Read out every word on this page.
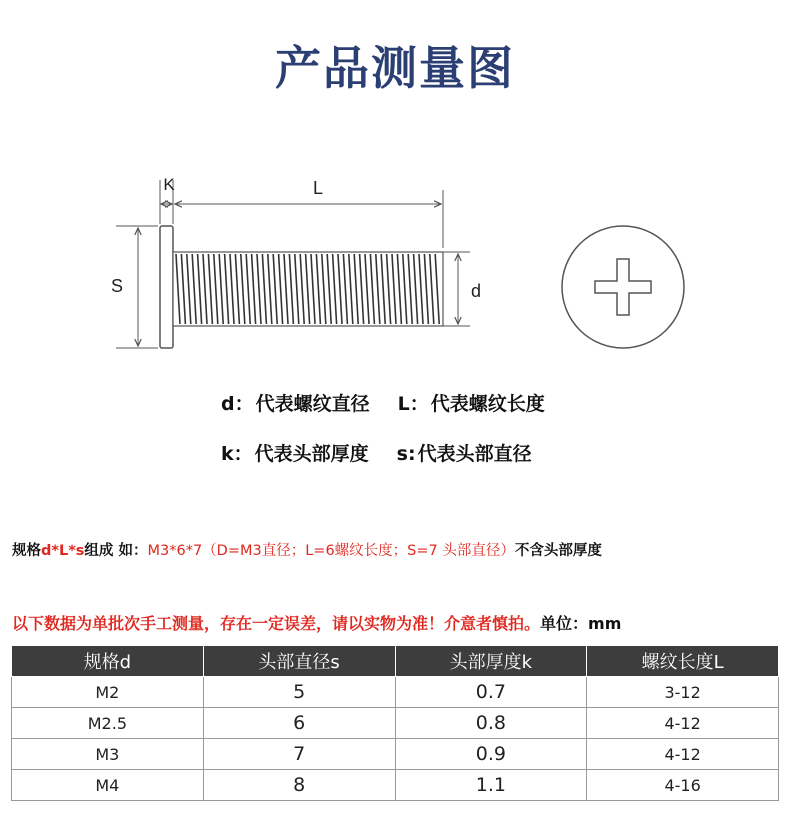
产品测量图
K	L
S	d
d： 代表螺纹直径 L： 代表螺纹长度
k： 代表头部厚度 s: 代表头部直径
规格d*L*s组成 如：M3*6*7（D=M3直径；L=6螺纹长度；S=7 头部直径）不含头部厚度
以下数据为单批次手工测量，存在一定误差，请以实物为准！介意者慎拍。单位：mm
规格d	头部直径s	头部厚度k	螺纹长度L
M2	5	0.7	3-12
M2.5	6	0.8	4-12
M3	7	0.9	4-12
M4	8	1.1	4-16
